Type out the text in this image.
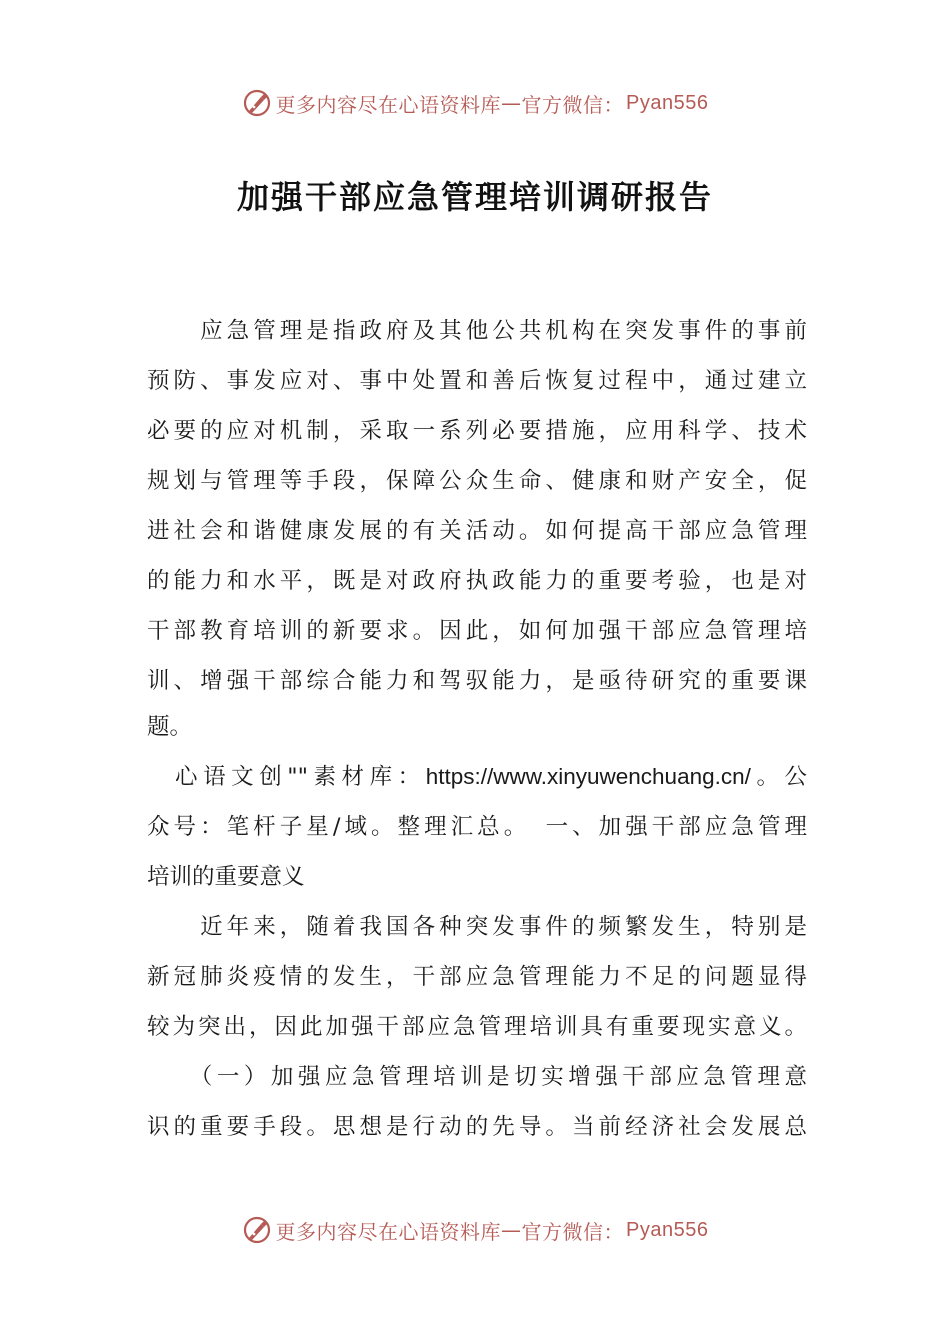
更多内容尽在心语资料库 — 官方微信： Pyan556
加强干部应急管理培训调研报告
　　应急管理是指政府及其他公共机构在突发事件的事前
预防、事发应对、事中处置和善后恢复过程中，通过建立
必要的应对机制，采取一系列必要措施，应用科学、技术
规划与管理等手段，保障公众生命、健康和财产安全，促
进社会和谐健康发展的有关活动。如何提高干部应急管理
的能力和水平，既是对政府执政能力的重要考验，也是对
干部教育培训的新要求。因此，如何加强干部应急管理培
训、增强干部综合能力和驾驭能力，是亟待研究的重要课
题。
　心语文创""素材库：https://www.xinyuwenchuang.cn/。公
众号：笔杆子星/域。整理汇总。　一、加强干部应急管理
培训的重要意义
　　近年来，随着我国各种突发事件的频繁发生，特别是
新冠肺炎疫情的发生，干部应急管理能力不足的问题显得
较为突出，因此加强干部应急管理培训具有重要现实意义。
　　（一）加强应急管理培训是切实增强干部应急管理意
识的重要手段。思想是行动的先导。当前经济社会发展总
更多内容尽在心语资料库 — 官方微信： Pyan556
